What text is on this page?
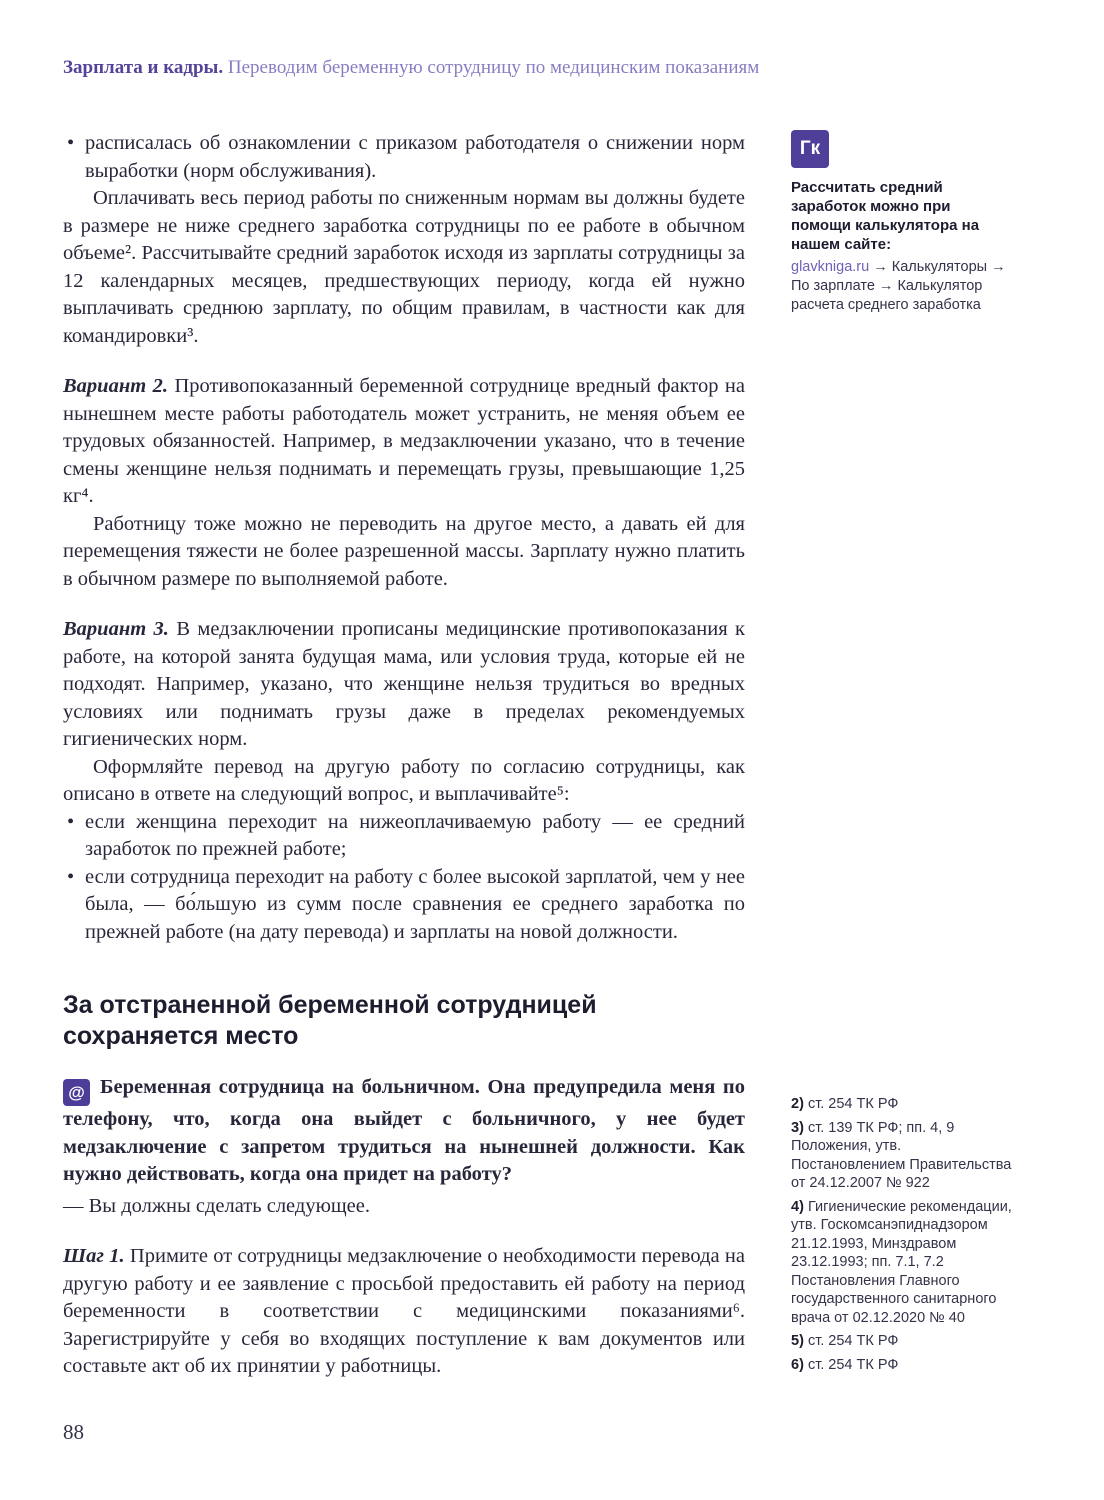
Зарплата и кадры. Переводим беременную сотрудницу по медицинским показаниям

• расписалась об ознакомлении с приказом работодателя о снижении норм выработки (норм обслуживания).

Оплачивать весь период работы по сниженным нормам вы должны будете в размере не ниже среднего заработка сотрудницы по ее работе в обычном объеме². Рассчитывайте средний заработок исходя из зарплаты сотрудницы за 12 календарных месяцев, предшествующих периоду, когда ей нужно выплачивать среднюю зарплату, по общим правилам, в частности как для командировки³.

Вариант 2. Противопоказанный беременной сотруднице вредный фактор на нынешнем месте работы работодатель может устранить, не меняя объем ее трудовых обязанностей. Например, в медзаключении указано, что в течение смены женщине нельзя поднимать и перемещать грузы, превышающие 1,25 кг⁴.

Работницу тоже можно не переводить на другое место, а давать ей для перемещения тяжести не более разрешенной массы. Зарплату нужно платить в обычном размере по выполняемой работе.

Вариант 3. В медзаключении прописаны медицинские противопоказания к работе, на которой занята будущая мама, или условия труда, которые ей не подходят. Например, указано, что женщине нельзя трудиться во вредных условиях или поднимать грузы даже в пределах рекомендуемых гигиенических норм.

Оформляйте перевод на другую работу по согласию сотрудницы, как описано в ответе на следующий вопрос, и выплачивайте⁵:

• если женщина переходит на нижеоплачиваемую работу — ее средний заработок по прежней работе;

• если сотрудница переходит на работу с более высокой зарплатой, чем у нее была, — бо́льшую из сумм после сравнения ее среднего заработка по прежней работе (на дату перевода) и зарплаты на новой должности.

За отстраненной беременной сотрудницей сохраняется место

@ Беременная сотрудница на больничном. Она предупредила меня по телефону, что, когда она выйдет с больничного, у нее будет медзаключение с запретом трудиться на нынешней должности. Как нужно действовать, когда она придет на работу?

— Вы должны сделать следующее.

Шаг 1. Примите от сотрудницы медзаключение о необходимости перевода на другую работу и ее заявление с просьбой предоставить ей работу на период беременности в соответствии с медицинскими показаниями⁶. Зарегистрируйте у себя во входящих поступление к вам документов или составьте акт об их принятии у работницы.

Гк
Рассчитать средний заработок можно при помощи калькулятора на нашем сайте:
glavkniga.ru → Калькуляторы → По зарплате → Калькулятор расчета среднего заработка
2) ст. 254 ТК РФ
3) ст. 139 ТК РФ; пп. 4, 9 Положения, утв. Постановлением Правительства от 24.12.2007 № 922
4) Гигиенические рекомендации, утв. Госкомсанэпиднадзором 21.12.1993, Минздравом 23.12.1993; пп. 7.1, 7.2 Постановления Главного государственного санитарного врача от 02.12.2020 № 40
5) ст. 254 ТК РФ
6) ст. 254 ТК РФ
88
